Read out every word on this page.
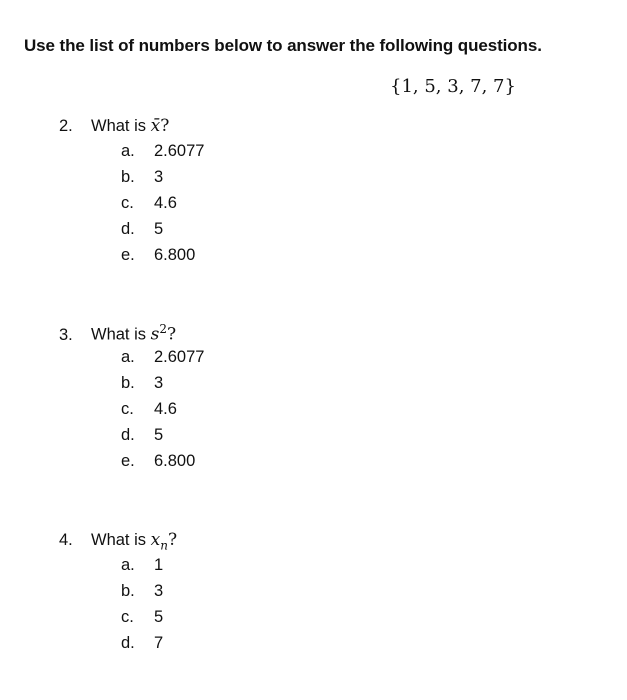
Use the list of numbers below to answer the following questions.
{1, 5, 3, 7, 7}
2. What is x̄?
a. 2.6077
b. 3
c. 4.6
d. 5
e. 6.800
3. What is $s^2$?
a. 2.6077
b. 3
c. 4.6
d. 5
e. 6.800
4. What is $x_n$?
a. 1
b. 3
c. 5
d. 7
